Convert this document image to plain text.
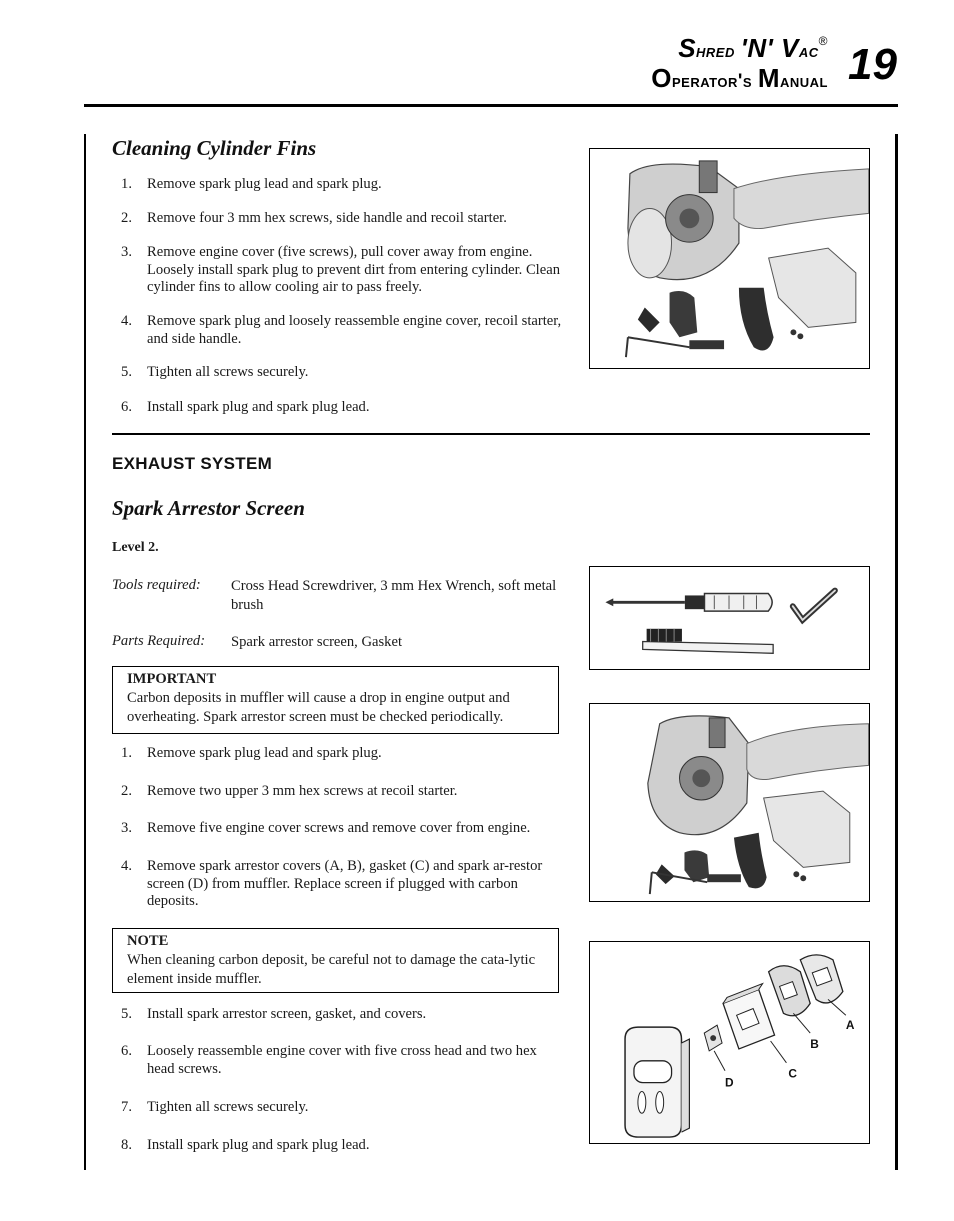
Shred 'N' Vac®
Operator's Manual 19
Cleaning Cylinder Fins
1. Remove spark plug lead and spark plug.
2. Remove four 3 mm hex screws, side handle and recoil starter.
3. Remove engine cover (five screws), pull cover away from engine. Loosely install spark plug to prevent dirt from entering cylinder. Clean cylinder fins to allow cooling air to pass freely.
4. Remove spark plug and loosely reassemble engine cover, recoil starter, and side handle.
5. Tighten all screws securely.
6. Install spark plug and spark plug lead.
EXHAUST SYSTEM
Spark Arrestor Screen
Level 2.
Tools required: Cross Head Screwdriver, 3 mm Hex Wrench, soft metal brush
Parts Required: Spark arrestor screen, Gasket
IMPORTANT
Carbon deposits in muffler will cause a drop in engine output and overheating. Spark arrestor screen must be checked periodically.
1. Remove spark plug lead and spark plug.
2. Remove two upper 3 mm hex screws at recoil starter.
3. Remove five engine cover screws and remove cover from engine.
4. Remove spark arrestor covers (A, B), gasket (C) and spark ar-restor screen (D) from muffler. Replace screen if plugged with carbon deposits.
NOTE
When cleaning carbon deposit, be careful not to damage the cata-lytic element inside muffler.
5. Install spark arrestor screen, gasket, and covers.
6. Loosely reassemble engine cover with five cross head and two hex head screws.
7. Tighten all screws securely.
8. Install spark plug and spark plug lead.
A
B
C
D
